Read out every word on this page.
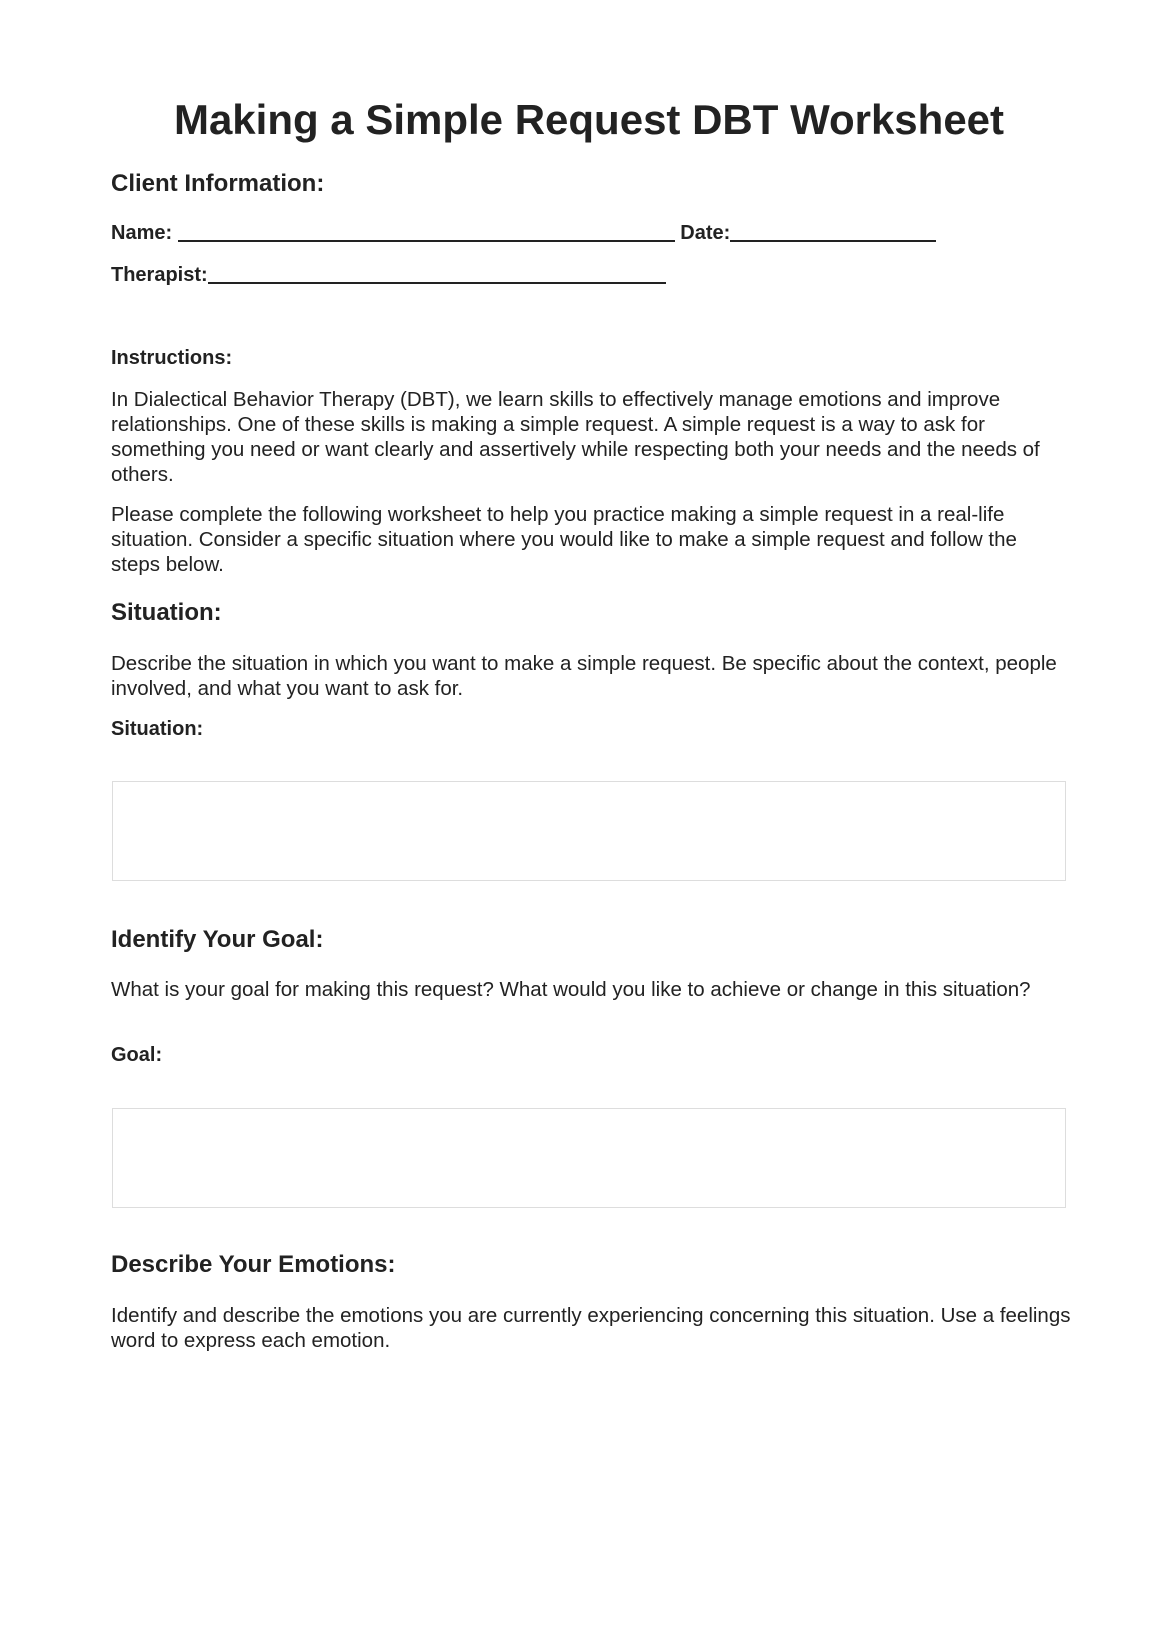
Making a Simple Request DBT Worksheet
Client Information:
Name:	Date:
Therapist:
Instructions:

In Dialectical Behavior Therapy (DBT), we learn skills to effectively manage emotions and improve relationships. One of these skills is making a simple request. A simple request is a way to ask for something you need or want clearly and assertively while respecting both your needs and the needs of others.

Please complete the following worksheet to help you practice making a simple request in a real-life situation. Consider a specific situation where you would like to make a simple request and follow the steps below.

Situation:

Describe the situation in which you want to make a simple request. Be specific about the context, people involved, and what you want to ask for.

Situation:
Identify Your Goal:

What is your goal for making this request? What would you like to achieve or change in this situation?

Goal:
Describe Your Emotions:

Identify and describe the emotions you are currently experiencing concerning this situation. Use a feelings word to express each emotion.
